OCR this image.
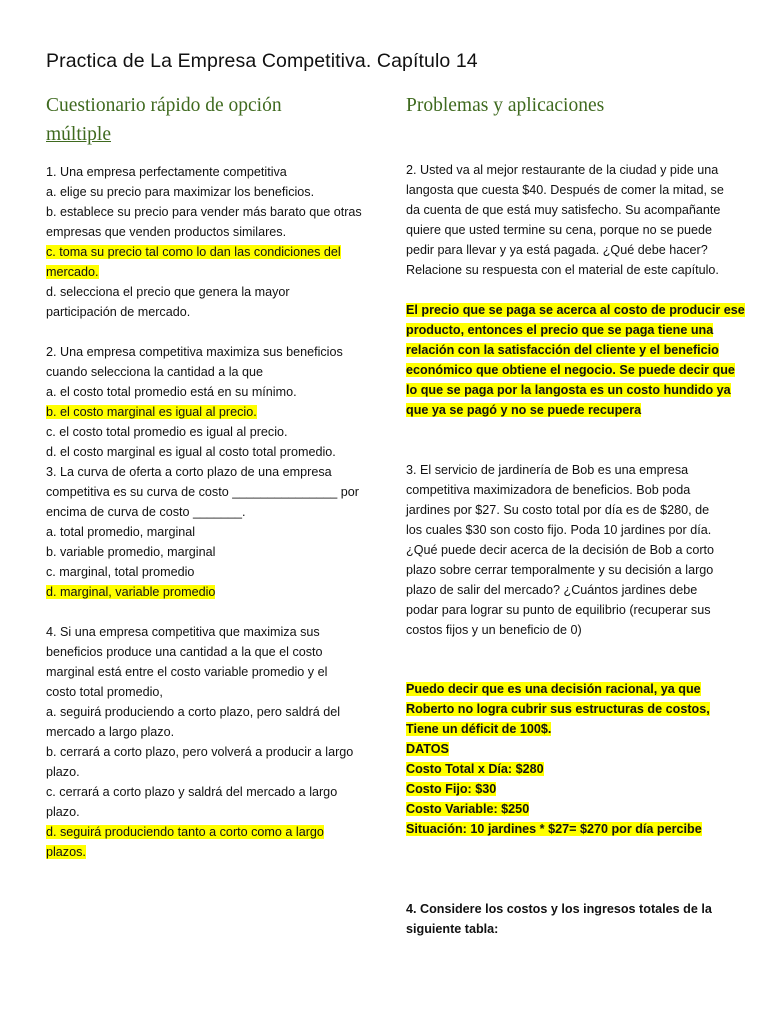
Practica de La Empresa Competitiva. Capítulo 14
Cuestionario rápido de opción
múltiple
1. Una empresa perfectamente competitiva
a. elige su precio para maximizar los beneficios.
b. establece su precio para vender más barato que otras
empresas que venden productos similares.
c. toma su precio tal como lo dan las condiciones del
mercado.
d. selecciona el precio que genera la mayor
participación de mercado.
2. Una empresa competitiva maximiza sus beneficios
cuando selecciona la cantidad a la que
a. el costo total promedio está en su mínimo.
b. el costo marginal es igual al precio.
c. el costo total promedio es igual al precio.
d. el costo marginal es igual al costo total promedio.
3. La curva de oferta a corto plazo de una empresa
competitiva es su curva de costo _______________ por
encima de curva de costo _______.
a. total promedio, marginal
b. variable promedio, marginal
c. marginal, total promedio
d. marginal, variable promedio
4. Si una empresa competitiva que maximiza sus
beneficios produce una cantidad a la que el costo
marginal está entre el costo variable promedio y el
costo total promedio,
a. seguirá produciendo a corto plazo, pero saldrá del
mercado a largo plazo.
b. cerrará a corto plazo, pero volverá a producir a largo
plazo.
c. cerrará a corto plazo y saldrá del mercado a largo
plazo.
d. seguirá produciendo tanto a corto como a largo
plazos.
Problemas y aplicaciones
2. Usted va al mejor restaurante de la ciudad y pide una
langosta que cuesta $40. Después de comer la mitad, se
da cuenta de que está muy satisfecho. Su acompañante
quiere que usted termine su cena, porque no se puede
pedir para llevar y ya está pagada. ¿Qué debe hacer?
Relacione su respuesta con el material de este capítulo.
El precio que se paga se acerca al costo de producir ese
producto, entonces el precio que se paga tiene una
relación con la satisfacción del cliente y el beneficio
económico que obtiene el negocio. Se puede decir que
lo que se paga por la langosta es un costo hundido ya
que ya se pagó y no se puede recupera
3. El servicio de jardinería de Bob es una empresa
competitiva maximizadora de beneficios. Bob poda
jardines por $27. Su costo total por día es de $280, de
los cuales $30 son costo fijo. Poda 10 jardines por día.
¿Qué puede decir acerca de la decisión de Bob a corto
plazo sobre cerrar temporalmente y su decisión a largo
plazo de salir del mercado? ¿Cuántos jardines debe
podar para lograr su punto de equilibrio (recuperar sus
costos fijos y un beneficio de 0)
Puedo decir que es una decisión racional, ya que
Roberto no logra cubrir sus estructuras de costos,
Tiene un déficit de 100$.
DATOS
Costo Total x Día: $280
Costo Fijo: $30
Costo Variable: $250
Situación: 10 jardines * $27= $270 por día percibe
4. Considere los costos y los ingresos totales de la
siguiente tabla:
